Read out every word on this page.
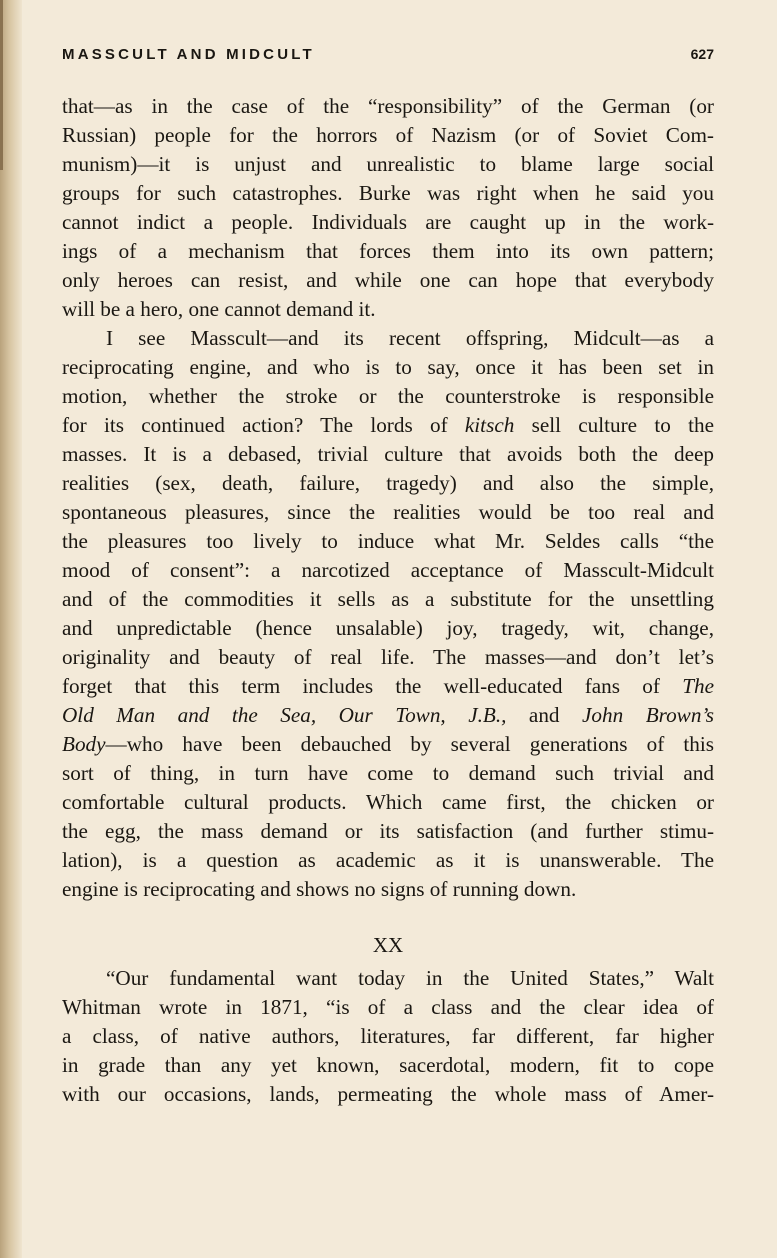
MASSCULT AND MIDCULT	627
that—as in the case of the “responsibility” of the German (or
Russian) people for the horrors of Nazism (or of Soviet Com-
munism)—it is unjust and unrealistic to blame large social
groups for such catastrophes. Burke was right when he said you
cannot indict a people. Individuals are caught up in the work-
ings of a mechanism that forces them into its own pattern;
only heroes can resist, and while one can hope that everybody
will be a hero, one cannot demand it.
I see Masscult—and its recent offspring, Midcult—as a
reciprocating engine, and who is to say, once it has been set in
motion, whether the stroke or the counterstroke is responsible
for its continued action? The lords of kitsch sell culture to the
masses. It is a debased, trivial culture that avoids both the deep
realities (sex, death, failure, tragedy) and also the simple,
spontaneous pleasures, since the realities would be too real and
the pleasures too lively to induce what Mr. Seldes calls “the
mood of consent”: a narcotized acceptance of Masscult-Midcult
and of the commodities it sells as a substitute for the unsettling
and unpredictable (hence unsalable) joy, tragedy, wit, change,
originality and beauty of real life. The masses—and don’t let’s
forget that this term includes the well-educated fans of The
Old Man and the Sea, Our Town, J.B., and John Brown’s
Body—who have been debauched by several generations of this
sort of thing, in turn have come to demand such trivial and
comfortable cultural products. Which came first, the chicken or
the egg, the mass demand or its satisfaction (and further stimu-
lation), is a question as academic as it is unanswerable. The
engine is reciprocating and shows no signs of running down.
XX
“Our fundamental want today in the United States,” Walt
Whitman wrote in 1871, “is of a class and the clear idea of
a class, of native authors, literatures, far different, far higher
in grade than any yet known, sacerdotal, modern, fit to cope
with our occasions, lands, permeating the whole mass of Amer-
